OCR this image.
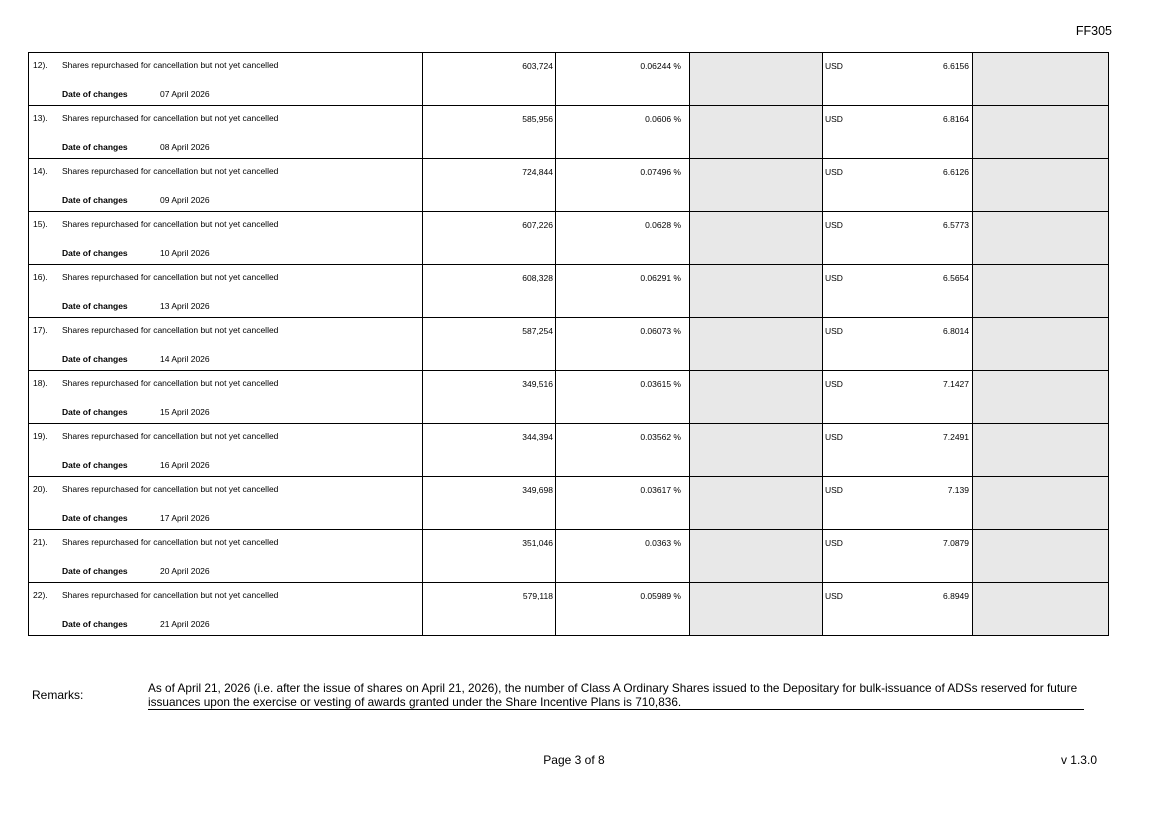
FF305
12). Shares repurchased for cancellation but not yet cancelled
Date of changes 07 April 2026	603,724	0.06244 %		USD 6.6156	

13). Shares repurchased for cancellation but not yet cancelled
Date of changes 08 April 2026	585,956	0.0606 %		USD 6.8164	

14). Shares repurchased for cancellation but not yet cancelled
Date of changes 09 April 2026	724,844	0.07496 %		USD 6.6126	

15). Shares repurchased for cancellation but not yet cancelled
Date of changes 10 April 2026	607,226	0.0628 %		USD 6.5773	

16). Shares repurchased for cancellation but not yet cancelled
Date of changes 13 April 2026	608,328	0.06291 %		USD 6.5654	

17). Shares repurchased for cancellation but not yet cancelled
Date of changes 14 April 2026	587,254	0.06073 %		USD 6.8014	

18). Shares repurchased for cancellation but not yet cancelled
Date of changes 15 April 2026	349,516	0.03615 %		USD 7.1427	

19). Shares repurchased for cancellation but not yet cancelled
Date of changes 16 April 2026	344,394	0.03562 %		USD 7.2491	

20). Shares repurchased for cancellation but not yet cancelled
Date of changes 17 April 2026	349,698	0.03617 %		USD 7.139	

21). Shares repurchased for cancellation but not yet cancelled
Date of changes 20 April 2026	351,046	0.0363 %		USD 7.0879	

22). Shares repurchased for cancellation but not yet cancelled
Date of changes 21 April 2026	579,118	0.05989 %		USD 6.8949	

Remarks:	As of April 21, 2026 (i.e. after the issue of shares on April 21, 2026), the number of Class A Ordinary Shares issued to the Depositary for bulk-issuance of ADSs reserved for future issuances upon the exercise or vesting of awards granted under the Share Incentive Plans is 710,836.
Page 3 of 8	v 1.3.0
